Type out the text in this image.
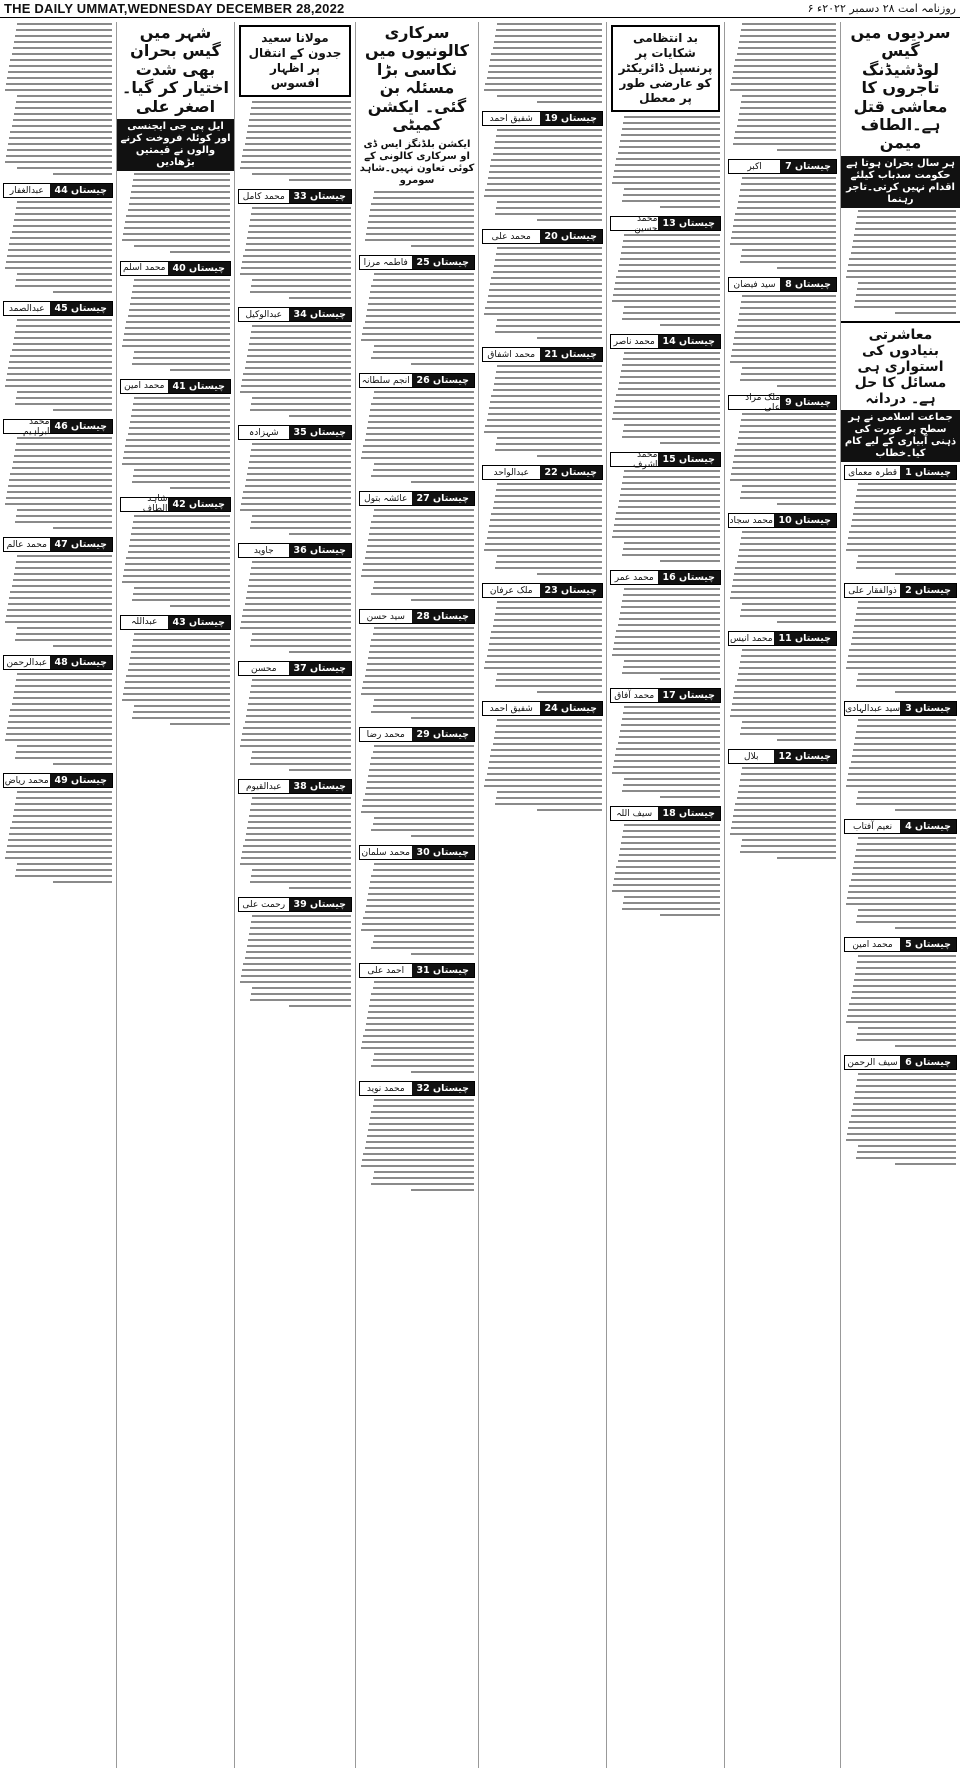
THE DAILY UMMAT,WEDNESDAY DECEMBER 28,2022	روزنامہ امت ۲۸ دسمبر ۲۰۲۲ء ۶
سردیوں میں گیس لوڈشیڈنگ تاجروں کا معاشی قتل ہے۔الطاف میمن
ہر سال بحران ہوتا ہے حکومت سدباب کیلئے اقدام نہیں کرتی۔تاجر رہنما
معاشرتی بنیادوں کی استواری ہی مسائل کا حل ہے۔ دردانہ
جماعت اسلامی نے ہر سطح پر عورت کی ذہنی آبیاری کے لیے کام کیا۔خطاب
چیستاں 1
قطرہ معمای
چیستاں 2
ذوالفقار علی
چیستاں 3
سید عبدالہادی
چیستاں 4
نعیم آفتاب
چیستاں 5
محمد امین
چیستاں 6
سیف الرحمن
چیستاں 7
اکبر
چیستاں 8
سید فیضان
چیستاں 9
ملک مراد علی
چیستاں 10
محمد سجاد
چیستاں 11
محمد انیس
چیستاں 12
بلال
بد انتظامی شکایات پر پرنسپل ڈائریکٹر کو عارضی طور پر معطل
چیستاں 13
محمد حسین
چیستاں 14
محمد ناصر
چیستاں 15
محمد اشرف
چیستاں 16
محمد عمر
چیستاں 17
محمد آفاق
چیستاں 18
سیف اللہ
چیستاں 19
شفیق احمد
چیستاں 20
محمد علی
چیستاں 21
محمد اشفاق
چیستاں 22
عبدالواحد
چیستاں 23
ملک عرفان
چیستاں 24
شفیق احمد
سرکاری کالونیوں میں نکاسی بڑا مسئلہ بن گئی۔ ایکشن کمیٹی
ایکشن بلڈنگز ایس ڈی او سرکاری کالونی کے کوئی تعاون نہیں۔شاہد سومرو
چیستاں 25
فاطمہ مرزا
چیستاں 26
انجم سلطانہ
چیستاں 27
عائشہ بتول
چیستاں 28
سید حسن
چیستاں 29
محمد رضا
چیستاں 30
محمد سلمان
چیستاں 31
احمد علی
چیستاں 32
محمد نوید
مولانا سعید جدون کے انتقال پر اظہار افسوس
چیستاں 33
محمد کامل
چیستاں 34
عبدالوکیل
چیستاں 35
شہزادہ
چیستاں 36
جاوید
چیستاں 37
محسن
چیستاں 38
عبدالقیوم
چیستاں 39
رحمت علی
شہر میں گیس بحران بھی شدت اختیار کر گیا۔اصغر علی
ایل پی جی ایجنسی اور کوئلہ فروخت کرنے والوں نے قیمتیں بڑھادیں
چیستاں 40
محمد اسلم
چیستاں 41
محمد امین
چیستاں 42
شاہد الطاف
چیستاں 43
عبداللہ
چیستاں 44
عبدالغفار
چیستاں 45
عبدالصمد
چیستاں 46
محمد ابراہیم
چیستاں 47
محمد عالم
چیستاں 48
عبدالرحمن
چیستاں 49
محمد ریاض
